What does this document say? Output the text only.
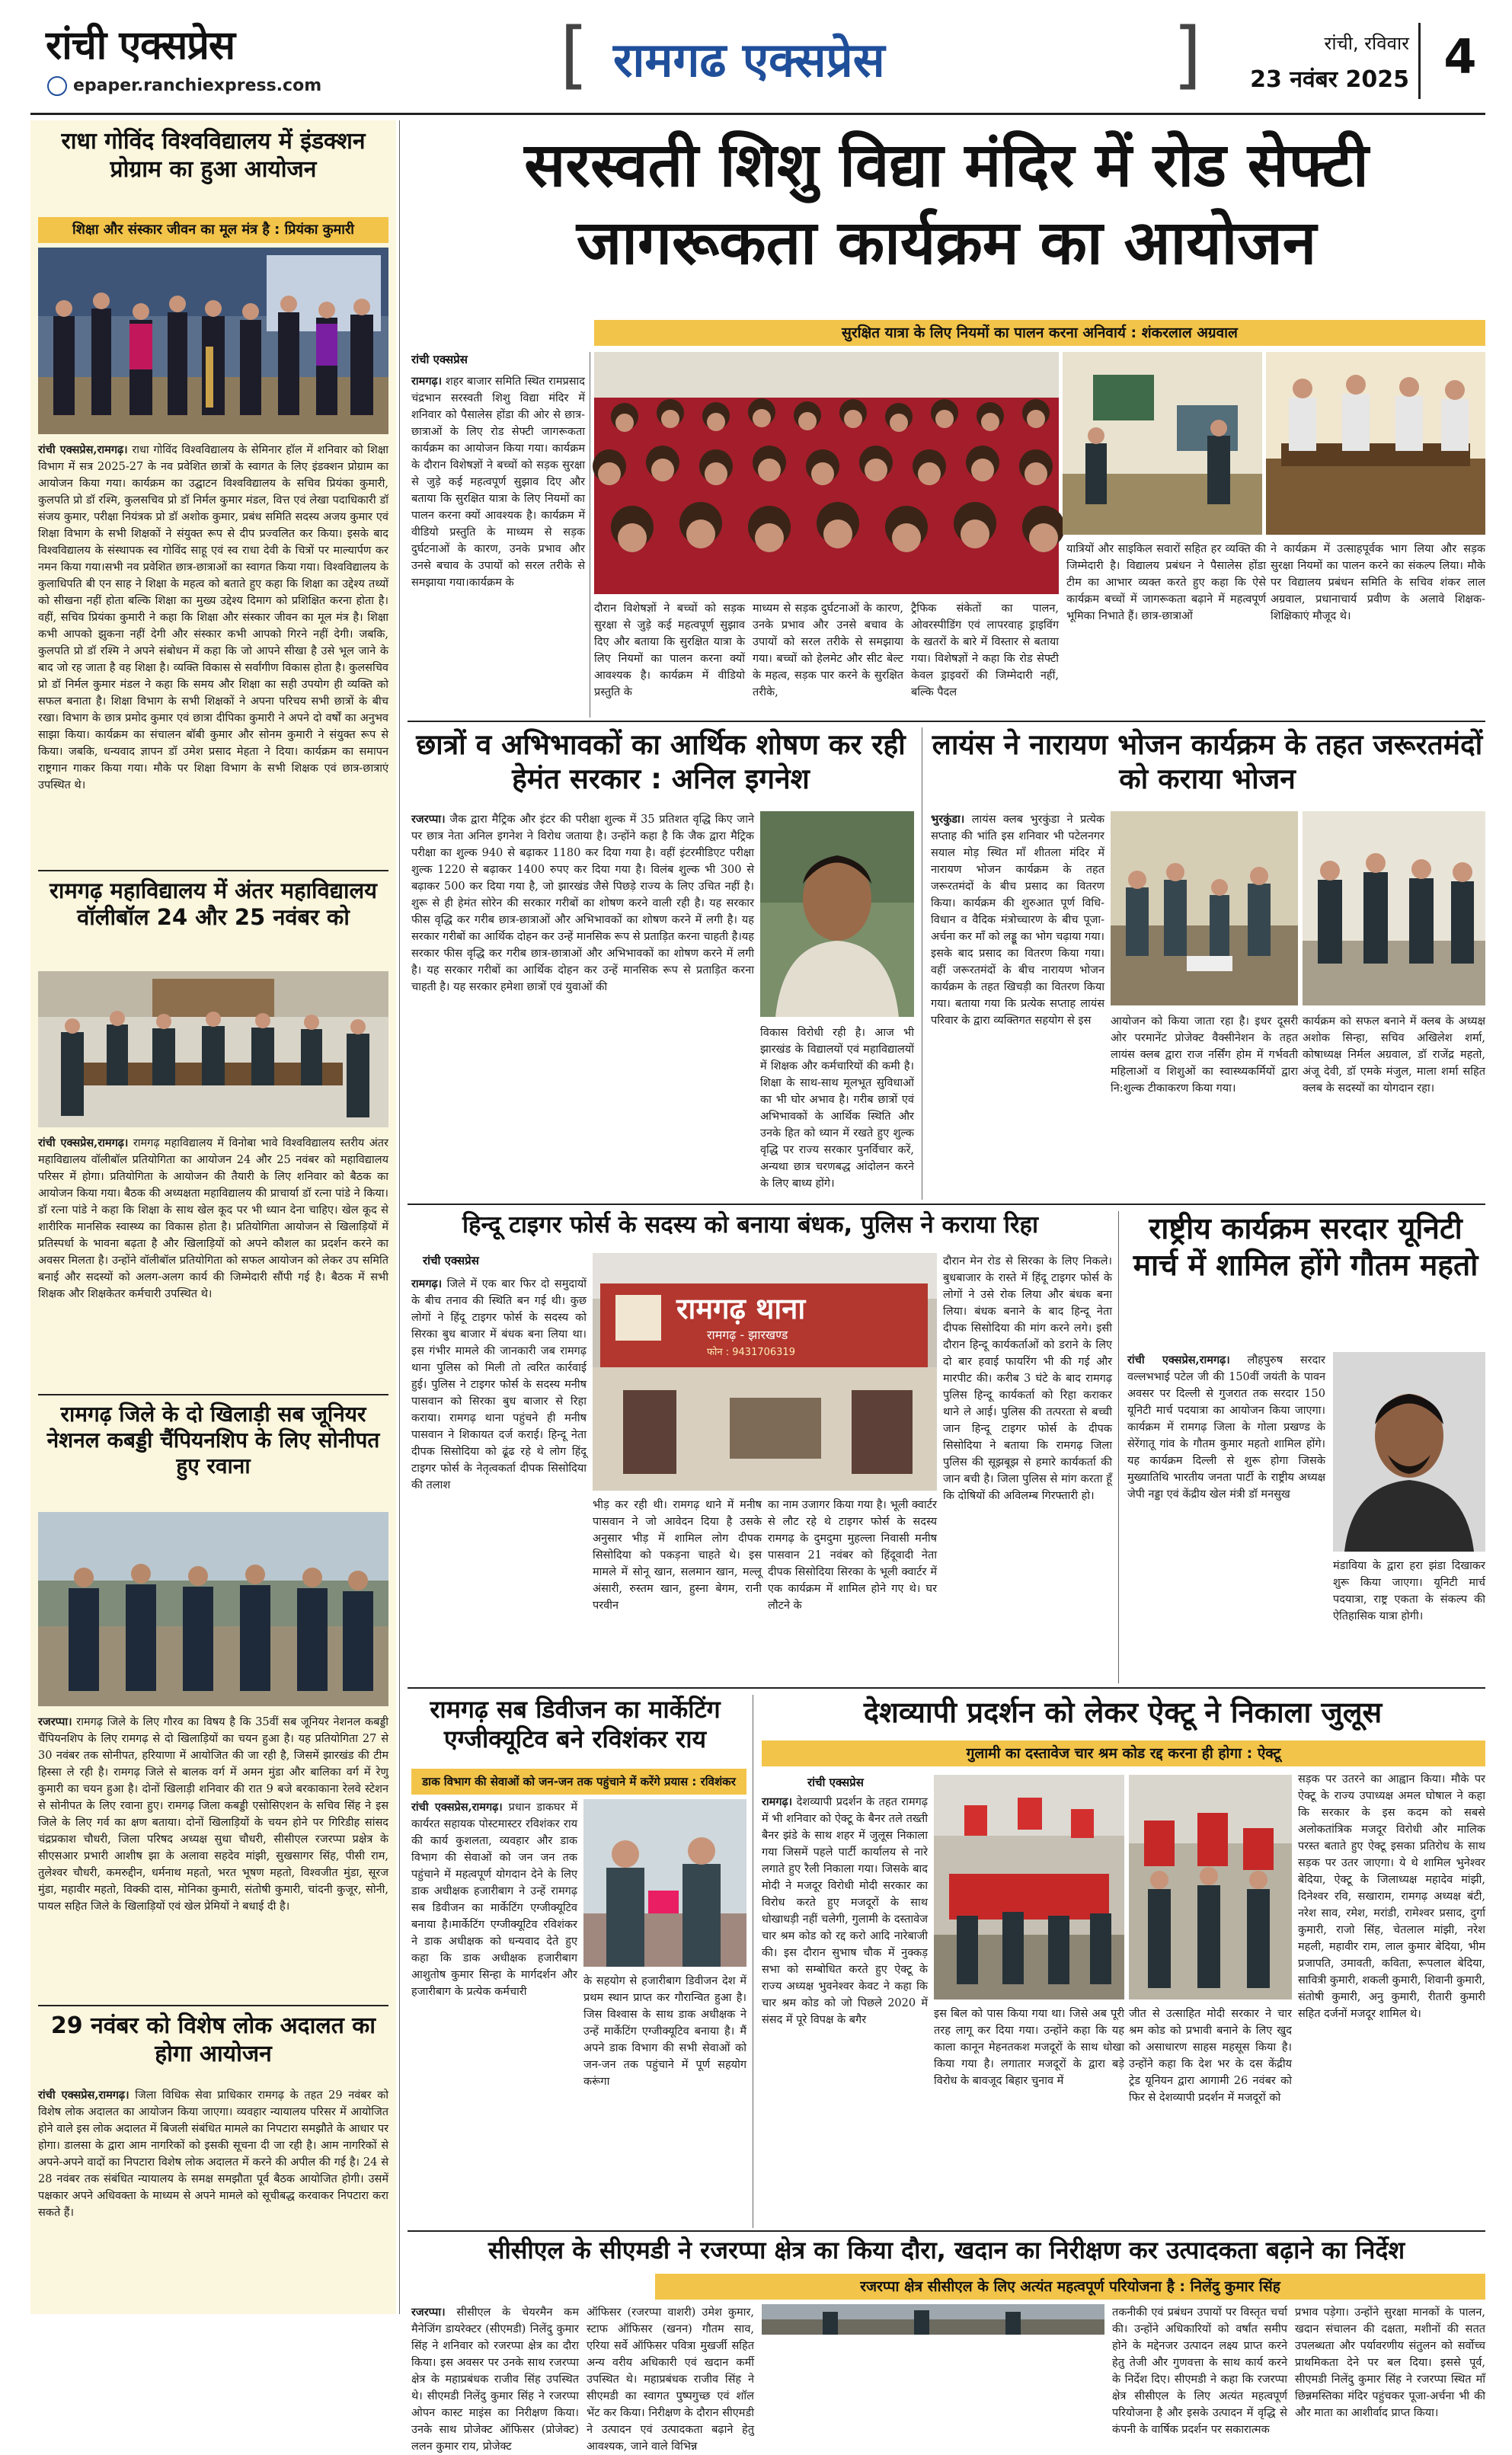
रांची एक्सप्रेस
epaper.ranchiexpress.com	[ रामगढ एक्सप्रेस	]	रांची, रविवार
23 नवंबर 2025 4
राधा गोविंद विश्वविद्यालय में इंडक्शन प्रोग्राम का हुआ आयोजन
शिक्षा और संस्कार जीवन का मूल मंत्र है : प्रियंका कुमारी
रांची एक्सप्रेस,रामगढ़। राधा गोविंद विश्वविद्यालय के सेमिनार हॉल में शनिवार को शिक्षा विभाग में सत्र 2025-27 के नव प्रवेशित छात्रों के स्वागत के लिए इंडक्शन प्रोग्राम का आयोजन किया गया। कार्यक्रम का उद्घाटन विश्वविद्यालय के सचिव प्रियंका कुमारी, कुलपति प्रो डॉ रश्मि, कुलसचिव प्रो डॉ निर्मल कुमार मंडल, वित्त एवं लेखा पदाधिकारी डॉ संजय कुमार, परीक्षा नियंत्रक प्रो डॉ अशोक कुमार, प्रबंध समिति सदस्य अजय कुमार एवं शिक्षा विभाग के सभी शिक्षकों ने संयुक्त रूप से दीप प्रज्वलित कर किया। इसके बाद विश्वविद्यालय के संस्थापक स्व गोविंद साहू एवं स्व राधा देवी के चित्रों पर माल्यार्पण कर नमन किया गया।सभी नव प्रवेशित छात्र-छात्राओं का स्वागत किया गया। विश्वविद्यालय के कुलाधिपति बी एन साह ने शिक्षा के महत्व को बताते हुए कहा कि शिक्षा का उद्देश्य तथ्यों को सीखना नहीं होता बल्कि शिक्षा का मुख्य उद्देश्य दिमाग को प्रशिक्षित करना होता है। वहीं, सचिव प्रियंका कुमारी ने कहा कि शिक्षा और संस्कार जीवन का मूल मंत्र है। शिक्षा कभी आपको झुकना नहीं देगी और संस्कार कभी आपको गिरने नहीं देगी। जबकि, कुलपति प्रो डॉ रश्मि ने अपने संबोधन में कहा कि जो आपने सीखा है उसे भूल जाने के बाद जो रह जाता है वह शिक्षा है। व्यक्ति विकास से सर्वांगीण विकास होता है। कुलसचिव प्रो डॉ निर्मल कुमार मंडल ने कहा कि समय और शिक्षा का सही उपयोग ही व्यक्ति को सफल बनाता है। शिक्षा विभाग के सभी शिक्षकों ने अपना परिचय सभी छात्रों के बीच रखा। विभाग के छात्र प्रमोद कुमार एवं छात्रा दीपिका कुमारी ने अपने दो वर्षों का अनुभव साझा किया। कार्यक्रम का संचालन बॉबी कुमार और सोनम कुमारी ने संयुक्त रूप से किया। जबकि, धन्यवाद ज्ञापन डॉ उमेश प्रसाद मेहता ने दिया। कार्यक्रम का समापन राष्ट्रगान गाकर किया गया। मौके पर शिक्षा विभाग के सभी शिक्षक एवं छात्र-छात्राएं उपस्थित थे।
रामगढ़ महाविद्यालय में अंतर महाविद्यालय वॉलीबॉल 24 और 25 नवंबर को
रांची एक्सप्रेस,रामगढ़। रामगढ़ महाविद्यालय में विनोबा भावे विश्वविद्यालय स्तरीय अंतर महाविद्यालय वॉलीबॉल प्रतियोगिता का आयोजन 24 और 25 नवंबर को महाविद्यालय परिसर में होगा। प्रतियोगिता के आयोजन की तैयारी के लिए शनिवार को बैठक का आयोजन किया गया। बैठक की अध्यक्षता महाविद्यालय की प्राचार्या डॉ रत्ना पांडे ने किया। डॉ रत्ना पांडे ने कहा कि शिक्षा के साथ खेल कूद पर भी ध्यान देना चाहिए। खेल कूद से शारीरिक मानसिक स्वास्थ्य का विकास होता है। प्रतियोगिता आयोजन से खिलाड़ियों में प्रतिस्पर्धा के भावना बढ़ता है और खिलाड़ियों को अपने कौशल का प्रदर्शन करने का अवसर मिलता है। उन्होंने वॉलीबॉल प्रतियोगिता को सफल आयोजन को लेकर उप समिति बनाई और सदस्यों को अलग-अलग कार्य की जिम्मेदारी सौंपी गई है। बैठक में सभी शिक्षक और शिक्षकेतर कर्मचारी उपस्थित थे।
रामगढ़ जिले के दो खिलाड़ी सब जूनियर नेशनल कबड्डी चैंपियनशिप के लिए सोनीपत हुए रवाना
रजरप्पा। रामगढ़ जिले के लिए गौरव का विषय है कि 35वीं सब जूनियर नेशनल कबड्डी चैंपियनशिप के लिए रामगढ़ से दो खिलाड़ियों का चयन हुआ है। यह प्रतियोगिता 27 से 30 नवंबर तक सोनीपत, हरियाणा में आयोजित की जा रही है, जिसमें झारखंड की टीम हिस्सा ले रही है। रामगढ़ जिले से बालक वर्ग में अमन मुंडा और बालिका वर्ग में रेणु कुमारी का चयन हुआ है। दोनों खिलाड़ी शनिवार की रात 9 बजे बरकाकाना रेलवे स्टेशन से सोनीपत के लिए रवाना हुए। रामगढ़ जिला कबड्डी एसोसिएशन के सचिव सिंह ने इस जिले के लिए गर्व का क्षण बताया। दोनों खिलाड़ियों के चयन होने पर गिरिडीह सांसद चंद्रप्रकाश चौधरी, जिला परिषद अध्यक्ष सुधा चौधरी, सीसीएल रजरप्पा प्रक्षेत्र के सीएसआर प्रभारी आशीष झा के अलावा सहदेव मांझी, सुखसागर सिंह, पीसी राम, तुलेश्वर चौधरी, कमरुद्दीन, धर्मनाथ महतो, भरत भूषण महतो, विश्वजीत मुंडा, सूरज मुंडा, महावीर महतो, विक्की दास, मोनिका कुमारी, संतोषी कुमारी, चांदनी कुजूर, सोनी, पायल सहित जिले के खिलाड़ियों एवं खेल प्रेमियों ने बधाई दी है।
29 नवंबर को विशेष लोक अदालत का होगा आयोजन
रांची एक्सप्रेस,रामगढ़। जिला विधिक सेवा प्राधिकार रामगढ़ के तहत 29 नवंबर को विशेष लोक अदालत का आयोजन किया जाएगा। व्यवहार न्यायालय परिसर में आयोजित होने वाले इस लोक अदालत में बिजली संबंधित मामले का निपटारा समझौते के आधार पर होगा। डालसा के द्वारा आम नागरिकों को इसकी सूचना दी जा रही है। आम नागरिकों से अपने-अपने वादों का निपटारा विशेष लोक अदालत में करने की अपील की गई है। 24 से 28 नवंबर तक संबंधित न्यायालय के समक्ष समझौता पूर्व बैठक आयोजित होगी। उसमें पक्षकार अपने अधिवक्ता के माध्यम से अपने मामले को सूचीबद्ध करवाकर निपटारा करा सकते हैं।
सरस्वती शिशु विद्या मंदिर में रोड सेफ्टी
जागरूकता कार्यक्रम का आयोजन
सुरक्षित यात्रा के लिए नियमों का पालन करना अनिवार्य : शंकरलाल अग्रवाल
रांची एक्सप्रेस
रामगढ़। शहर बाजार समिति स्थित रामप्रसाद चंद्रभान सरस्वती शिशु विद्या मंदिर में शनिवार को पैसालेस होंडा की ओर से छात्र-छात्राओं के लिए रोड सेफ्टी जागरूकता कार्यक्रम का आयोजन किया गया। कार्यक्रम के दौरान विशेषज्ञों ने बच्चों को सड़क सुरक्षा से जुड़े कई महत्वपूर्ण सुझाव दिए और बताया कि सुरक्षित यात्रा के लिए नियमों का पालन करना क्यों आवश्यक है। कार्यक्रम में वीडियो प्रस्तुति के माध्यम से सड़क दुर्घटनाओं के कारण, उनके प्रभाव और उनसे बचाव के उपायों को सरल तरीके से समझाया गया।कार्यक्रम के
दौरान विशेषज्ञों ने बच्चों को सड़क सुरक्षा से जुड़े कई महत्वपूर्ण सुझाव दिए और बताया कि सुरक्षित यात्रा के लिए नियमों का पालन करना क्यों आवश्यक है। कार्यक्रम में वीडियो प्रस्तुति के
माध्यम से सड़क दुर्घटनाओं के कारण, उनके प्रभाव और उनसे बचाव के उपायों को सरल तरीके से समझाया गया। बच्चों को हेलमेट और सीट बेल्ट के महत्व, सड़क पार करने के सुरक्षित तरीके,
ट्रैफिक संकेतों का पालन, ओवरस्पीडिंग एवं लापरवाह ड्राइविंग के खतरों के बारे में विस्तार से बताया गया। विशेषज्ञों ने कहा कि रोड सेफ्टी केवल ड्राइवरों की जिम्मेदारी नहीं, बल्कि पैदल
यात्रियों और साइकिल सवारों सहित हर व्यक्ति की जिम्मेदारी है। विद्यालय प्रबंधन ने पैसालेस होंडा टीम का आभार व्यक्त करते हुए कहा कि ऐसे कार्यक्रम बच्चों में जागरूकता बढ़ाने में महत्वपूर्ण भूमिका निभाते हैं। छात्र-छात्राओं
ने कार्यक्रम में उत्साहपूर्वक भाग लिया और सड़क सुरक्षा नियमों का पालन करने का संकल्प लिया। मौके पर विद्यालय प्रबंधन समिति के सचिव शंकर लाल अग्रवाल, प्रधानाचार्य प्रवीण के अलावे शिक्षक-शिक्षिकाएं मौजूद थे।
छात्रों व अभिभावकों का आर्थिक शोषण कर रही हेमंत सरकार : अनिल इगनेश
रजरप्पा। जैक द्वारा मैट्रिक और इंटर की परीक्षा शुल्क में 35 प्रतिशत वृद्धि किए जाने पर छात्र नेता अनिल इगनेश ने विरोध जताया है। उन्होंने कहा है कि जैक द्वारा मैट्रिक परीक्षा का शुल्क 940 से बढ़ाकर 1180 कर दिया गया है। वहीं इंटरमीडिएट परीक्षा शुल्क 1220 से बढ़ाकर 1400 रुपए कर दिया गया है। विलंब शुल्क भी 300 से बढ़ाकर 500 कर दिया गया है, जो झारखंड जैसे पिछड़े राज्य के लिए उचित नहीं है। शुरू से ही हेमंत सोरेन की सरकार गरीबों का शोषण करने वाली रही है। यह सरकार फीस वृद्धि कर गरीब छात्र-छात्राओं और अभिभावकों का शोषण करने में लगी है। यह सरकार गरीबों का आर्थिक दोहन कर उन्हें मानसिक रूप से प्रताड़ित करना चाहती है।यह सरकार फीस वृद्धि कर गरीब छात्र-छात्राओं और अभिभावकों का शोषण करने में लगी है। यह सरकार गरीबों का आर्थिक दोहन कर उन्हें मानसिक रूप से प्रताड़ित करना चाहती है। यह सरकार हमेशा छात्रों एवं युवाओं की
विकास विरोधी रही है। आज भी झारखंड के विद्यालयों एवं महाविद्यालयों में शिक्षक और कर्मचारियों की कमी है। शिक्षा के साथ-साथ मूलभूत सुविधाओं का भी घोर अभाव है। गरीब छात्रों एवं अभिभावकों के आर्थिक स्थिति और उनके हित को ध्यान में रखते हुए शुल्क वृद्धि पर राज्य सरकार पुनर्विचार करें, अन्यथा छात्र चरणबद्ध आंदोलन करने के लिए बाध्य होंगे।
लायंस ने नारायण भोजन कार्यक्रम के तहत जरूरतमंदों को कराया भोजन
भुरकुंडा। लायंस क्लब भुरकुंडा ने प्रत्येक सप्ताह की भांति इस शनिवार भी पटेलनगर सयाल मोड़ स्थित माँ शीतला मंदिर में नारायण भोजन कार्यक्रम के तहत जरूरतमंदों के बीच प्रसाद का वितरण किया। कार्यक्रम की शुरुआत पूर्ण विधि-विधान व वैदिक मंत्रोच्चारण के बीच पूजा-अर्चना कर माँ को लड्डू का भोग चढ़ाया गया। इसके बाद प्रसाद का वितरण किया गया। वहीं जरूरतमंदों के बीच नारायण भोजन कार्यक्रम के तहत खिचड़ी का वितरण किया गया। बताया गया कि प्रत्येक सप्ताह लायंस परिवार के द्वारा व्यक्तिगत सहयोग से इस	आयोजन को किया जाता रहा है। इधर दूसरी ओर परमानेंट प्रोजेक्ट वैक्सीनेशन के तहत लायंस क्लब द्वारा राज नर्सिंग होम में गर्भवती महिलाओं व शिशुओं का स्वास्थ्यकर्मियों द्वारा नि:शुल्क टीकाकरण किया गया।
कार्यक्रम को सफल बनाने में क्लब के अध्यक्ष अशोक सिन्हा, सचिव अखिलेश शर्मा, कोषाध्यक्ष निर्मल अग्रवाल, डॉ राजेंद्र महतो, अंजू देवी, डॉ एमके मंजुल, माला शर्मा सहित क्लब के सदस्यों का योगदान रहा।
हिन्दू टाइगर फोर्स के सदस्य को बनाया बंधक, पुलिस ने कराया रिहा
रांची एक्सप्रेस
रामगढ़। जिले में एक बार फिर दो समुदायों के बीच तनाव की स्थिति बन गई थी। कुछ लोगों ने हिंदू टाइगर फोर्स के सदस्य को सिरका बुध बाजार में बंधक बना लिया था। इस गंभीर मामले की जानकारी जब रामगढ़ थाना पुलिस को मिली तो त्वरित कार्रवाई हुई। पुलिस ने टाइगर फोर्स के सदस्य मनीष पासवान को सिरका बुध बाजार से रिहा कराया। रामगढ़ थाना पहुंचने ही मनीष पासवान ने शिकायत दर्ज कराई। हिन्दू नेता दीपक सिसोदिया को ढूंढ रहे थे लोग हिंदू टाइगर फोर्स के नेतृत्वकर्ता दीपक सिसोदिया की तलाश
रामगढ़ थाना
रामगढ़ - झारखण्ड
फोन : 9431706319
भीड़ कर रही थी। रामगढ़ थाने में मनीष पासवान ने जो आवेदन दिया है उसके अनुसार भीड़ में शामिल लोग दीपक सिसोदिया को पकड़ना चाहते थे। इस मामले में सोनू खान, सलमान खान, मल्लू अंसारी, रुस्तम खान, हुस्ना बेगम, रानी परवीन
का नाम उजागर किया गया है। भूली क्वार्टर से लौट रहे थे टाइगर फोर्स के सदस्य रामगढ़ के दुमदुमा मुहल्ला निवासी मनीष पासवान 21 नवंबर को हिंदूवादी नेता दीपक सिसोदिया सिरका के भूली क्वार्टर में एक कार्यक्रम में शामिल होने गए थे। घर लौटने के
दौरान मेन रोड से सिरका के लिए निकले। बुधबाजार के रास्ते में हिंदू टाइगर फोर्स के लोगों ने उसे रोक लिया और बंधक बना लिया। बंधक बनाने के बाद हिन्दू नेता दीपक सिसोदिया की मांग करने लगे। इसी दौरान हिन्दू कार्यकर्ताओं को डराने के लिए दो बार हवाई फायरिंग भी की गई और मारपीट की। करीब 3 घंटे के बाद रामगढ़ पुलिस हिन्दू कार्यकर्ता को रिहा कराकर थाने ले आई। पुलिस की तत्परता से बच्ची जान हिन्दू टाइगर फोर्स के दीपक सिसोदिया ने बताया कि रामगढ़ जिला पुलिस की सूझबूझ से हमारे कार्यकर्ता की जान बची है। जिला पुलिस से मांग करता हूँ कि दोषियों की अविलम्ब गिरफ्तारी हो।
राष्ट्रीय कार्यक्रम सरदार यूनिटी मार्च में शामिल होंगे गौतम महतो
रांची एक्सप्रेस,रामगढ़। लौहपुरुष सरदार वल्लभभाई पटेल जी की 150वीं जयंती के पावन अवसर पर दिल्ली से गुजरात तक सरदार 150 यूनिटी मार्च पदयात्रा का आयोजन किया जाएगा। कार्यक्रम में रामगढ़ जिला के गोला प्रखण्ड के सेरेंगातू गांव के गौतम कुमार महतो शामिल होंगे। यह कार्यक्रम दिल्ली से शुरू होगा जिसके मुख्यातिथि भारतीय जनता पार्टी के राष्ट्रीय अध्यक्ष जेपी नड्डा एवं केंद्रीय खेल मंत्री डॉ मनसुख
मंडाविया के द्वारा हरा झंडा दिखाकर शुरू किया जाएगा। यूनिटी मार्च पदयात्रा, राष्ट्र एकता के संकल्प की ऐतिहासिक यात्रा होगी।
रामगढ़ सब डिवीजन का मार्केटिंग एग्जीक्यूटिव बने रविशंकर राय
डाक विभाग की सेवाओं को जन-जन तक पहुंचाने में करेंगे प्रयास : रविशंकर
रांची एक्सप्रेस,रामगढ़। प्रधान डाकघर में कार्यरत सहायक पोस्टमास्टर रविशंकर राय की कार्य कुशलता, व्यवहार और डाक विभाग की सेवाओं को जन जन तक पहुंचाने में महत्वपूर्ण योगदान देने के लिए डाक अधीक्षक हजारीबाग ने उन्हें रामगढ़ सब डिवीजन का मार्केटिंग एग्जीक्यूटिव बनाया है।मार्केटिंग एग्जीक्यूटिव रविशंकर ने डाक अधीक्षक को धन्यवाद देते हुए कहा कि डाक अधीक्षक हजारीबाग आशुतोष कुमार सिन्हा के मार्गदर्शन और हजारीबाग के प्रत्येक कर्मचारी
के सहयोग से हजारीबाग डिवीजन देश में प्रथम स्थान प्राप्त कर गौरान्वित हुआ है। जिस विश्वास के साथ डाक अधीक्षक ने उन्हें मार्केटिंग एग्जीक्यूटिव बनाया है। मैं अपने डाक विभाग की सभी सेवाओं को जन-जन तक पहुंचाने में पूर्ण सहयोग करूंगा
देशव्यापी प्रदर्शन को लेकर ऐक्टू ने निकाला जुलूस
गुलामी का दस्तावेज चार श्रम कोड रद्द करना ही होगा : ऐक्टू
रांची एक्सप्रेस
रामगढ़। देशव्यापी प्रदर्शन के तहत रामगढ़ में भी शनिवार को ऐक्टू के बैनर तले तख्ती बैनर झंडे के साथ शहर में जुलूस निकाला गया जिसमें पहले पार्टी कार्यालय से नारे लगाते हुए रैली निकाला गया। जिसके बाद मोदी ने मजदूर विरोधी मोदी सरकार का विरोध करते हुए मजदूरों के साथ धोखाधड़ी नहीं चलेगी, गुलामी के दस्तावेज चार श्रम कोड को रद्द करो आदि नारेबाजी की। इस दौरान सुभाष चौक में नुक्कड़ सभा को सम्बोधित करते हुए ऐक्टू के राज्य अध्यक्ष भुवनेश्वर केवट ने कहा कि चार श्रम कोड को जो पिछले 2020 में संसद में पूरे विपक्ष के बगैर	इस बिल को पास किया गया था। जिसे अब पूरी तरह लागू कर दिया गया। उन्होंने कहा कि यह काला कानून मेहनतकश मजदूरों के साथ धोखा किया गया है। लगातार मजदूरों के द्वारा बड़े विरोध के बावजूद बिहार चुनाव में
जीत से उत्साहित मोदी सरकार ने चार श्रम कोड को प्रभावी बनाने के लिए खुद को असाधारण साहस महसूस किया है। उन्होंने कहा कि देश भर के दस केंद्रीय ट्रेड यूनियन द्वारा आगामी 26 नवंबर को फिर से देशव्यापी प्रदर्शन में मजदूरों को
सड़क पर उतरने का आह्वान किया। मौके पर ऐक्टू के राज्य उपाध्यक्ष अमल घोषाल ने कहा कि सरकार के इस कदम को सबसे अलोकतांत्रिक मजदूर विरोधी और मालिक परस्त बताते हुए ऐक्टू इसका प्रतिरोध के साथ सड़क पर उतर जाएगा। ये थे शामिल भुनेश्वर बेदिया, ऐक्टू के जिलाध्यक्ष महादेव मांझी, दिनेश्वर रवि, सखाराम, रामगढ़ अध्यक्ष बंटी, नरेश साव, रमेश, मरांडी, रामेश्वर प्रसाद, दुर्गा कुमारी, राजो सिंह, चेतलाल मांझी, नरेश महली, महावीर राम, लाल कुमार बेदिया, भीम प्रजापति, उमावती, कविता, रूपलाल बेदिया, सावित्री कुमारी, शकली कुमारी, शिवानी कुमारी, संतोषी कुमारी, अनु कुमारी, रीतारी कुमारी सहित दर्जनों मजदूर शामिल थे।
सीसीएल के सीएमडी ने रजरप्पा क्षेत्र का किया दौरा, खदान का निरीक्षण कर उत्पादकता बढ़ाने का निर्देश
रजरप्पा क्षेत्र सीसीएल के लिए अत्यंत महत्वपूर्ण परियोजना है : निलेंदु कुमार सिंह
रजरप्पा। सीसीएल के चेयरमैन कम मैनेजिंग डायरेक्टर (सीएमडी) निलेंदु कुमार सिंह ने शनिवार को रजरप्पा क्षेत्र का दौरा किया। इस अवसर पर उनके साथ रजरप्पा क्षेत्र के महाप्रबंधक राजीव सिंह उपस्थित थे। सीएमडी निलेंदु कुमार सिंह ने रजरप्पा ओपन कास्ट माइंस का निरीक्षण किया। उनके साथ प्रोजेक्ट ऑफिसर (प्रोजेक्ट) ललन कुमार राय, प्रोजेक्ट
ऑफिसर (रजरप्पा वाशरी) उमेश कुमार, स्टाफ ऑफिसर (खनन) गौतम साव, एरिया सर्वे ऑफिसर पवित्रा मुखर्जी सहित अन्य वरीय अधिकारी एवं खदान कर्मी उपस्थित थे। महाप्रबंधक राजीव सिंह ने सीएमडी का स्वागत पुष्पगुच्छ एवं शॉल भेंट कर किया। निरीक्षण के दौरान सीएमडी ने उत्पादन एवं उत्पादकता बढ़ाने हेतु आवश्यक, जाने वाले विभिन्न
तकनीकी एवं प्रबंधन उपायों पर विस्तृत चर्चा की। उन्होंने अधिकारियों को वर्षांत समीप होने के मद्देनजर उत्पादन लक्ष्य प्राप्त करने हेतु तेजी और गुणवत्ता के साथ कार्य करने के निर्देश दिए। सीएमडी ने कहा कि रजरप्पा क्षेत्र सीसीएल के लिए अत्यंत महत्वपूर्ण परियोजना है और इसके उत्पादन में वृद्धि से कंपनी के वार्षिक प्रदर्शन पर सकारात्मक
प्रभाव पड़ेगा। उन्होंने सुरक्षा मानकों के पालन, खदान संचालन की दक्षता, मशीनों की सतत उपलब्धता और पर्यावरणीय संतुलन को सर्वोच्च प्राथमिकता देने पर बल दिया। इससे पूर्व, सीएमडी निलेंदु कुमार सिंह ने रजरप्पा स्थित माँ छिन्नमस्तिका मंदिर पहुंचकर पूजा-अर्चना भी की और माता का आशीर्वाद प्राप्त किया।
